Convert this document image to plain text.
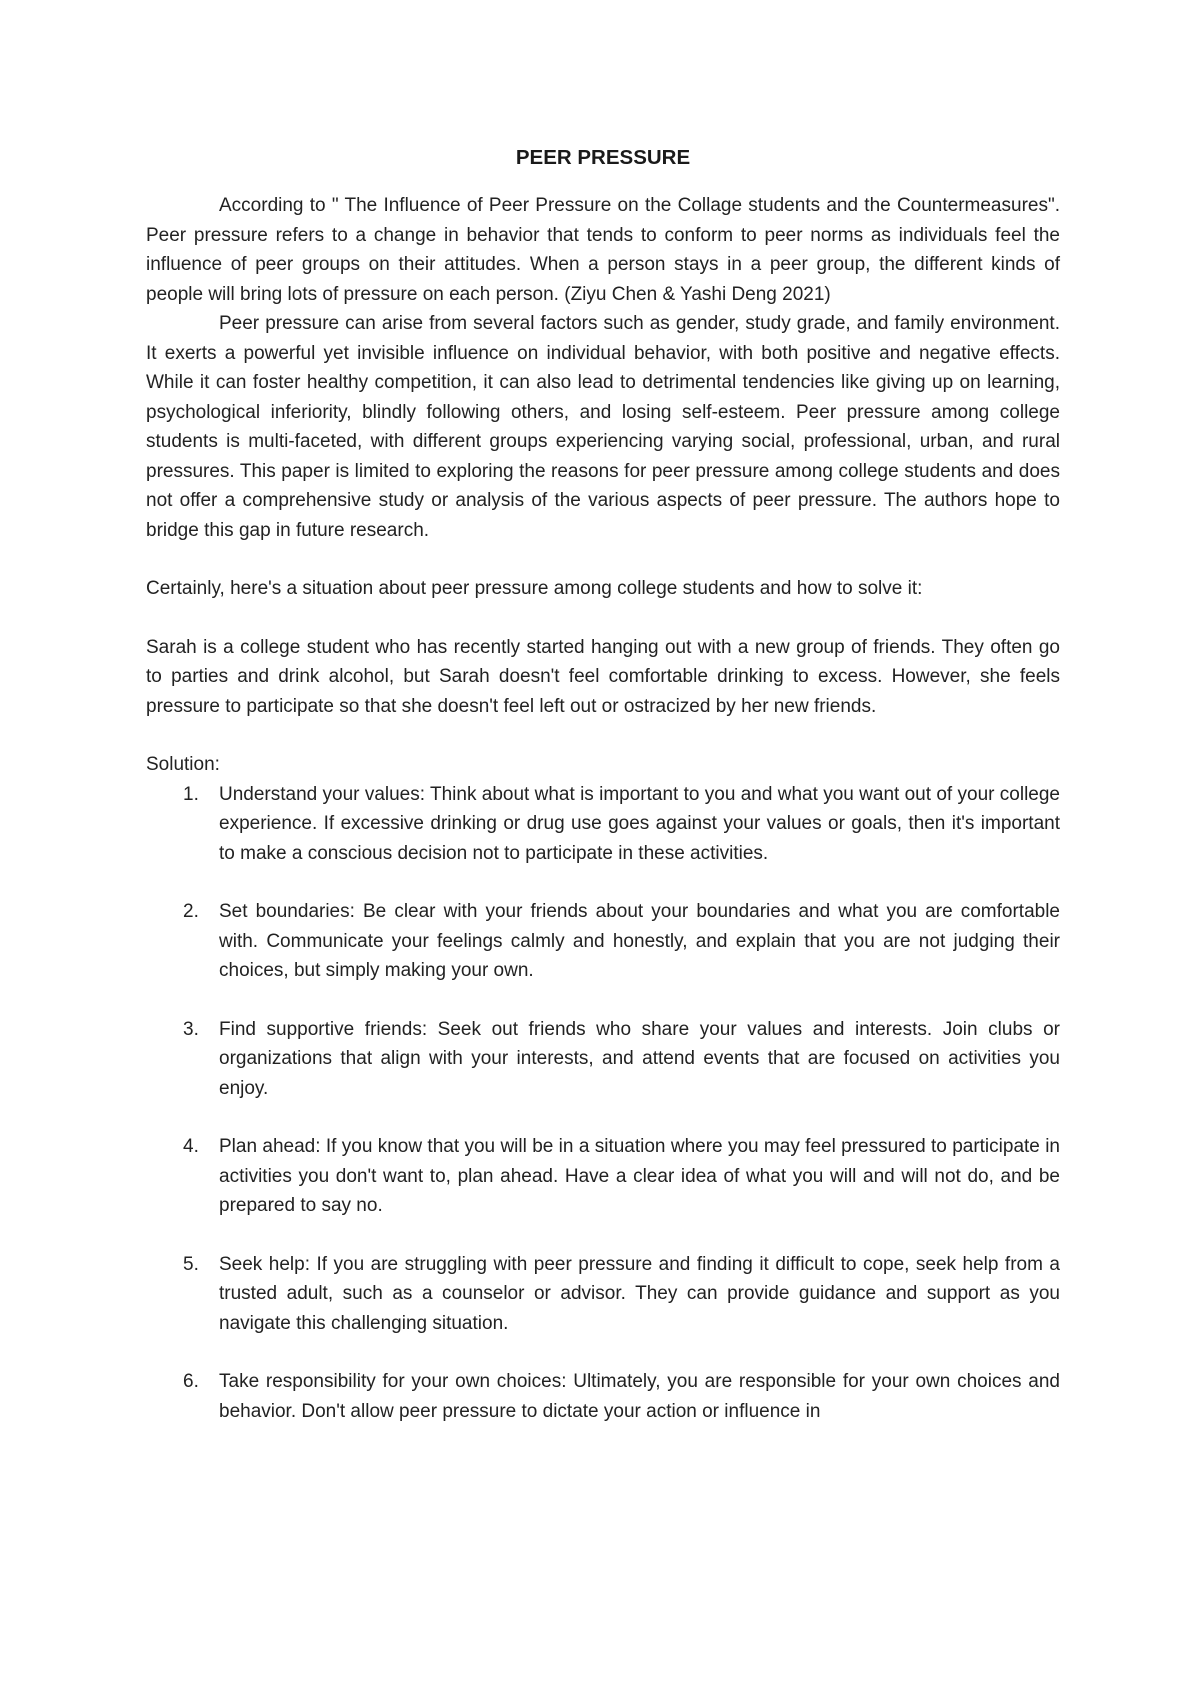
PEER PRESSURE

According to " The Influence of Peer Pressure on the Collage students and the Countermeasures". Peer pressure refers to a change in behavior that tends to conform to peer norms as individuals feel the influence of peer groups on their attitudes. When a person stays in a peer group, the different kinds of people will bring lots of pressure on each person. (Ziyu Chen & Yashi Deng 2021)

Peer pressure can arise from several factors such as gender, study grade, and family environment. It exerts a powerful yet invisible influence on individual behavior, with both positive and negative effects. While it can foster healthy competition, it can also lead to detrimental tendencies like giving up on learning, psychological inferiority, blindly following others, and losing self-esteem. Peer pressure among college students is multi-faceted, with different groups experiencing varying social, professional, urban, and rural pressures. This paper is limited to exploring the reasons for peer pressure among college students and does not offer a comprehensive study or analysis of the various aspects of peer pressure. The authors hope to bridge this gap in future research.

Certainly, here's a situation about peer pressure among college students and how to solve it:

Sarah is a college student who has recently started hanging out with a new group of friends. They often go to parties and drink alcohol, but Sarah doesn't feel comfortable drinking to excess. However, she feels pressure to participate so that she doesn't feel left out or ostracized by her new friends.

Solution:

1. Understand your values: Think about what is important to you and what you want out of your college experience. If excessive drinking or drug use goes against your values or goals, then it's important to make a conscious decision not to participate in these activities.
2. Set boundaries: Be clear with your friends about your boundaries and what you are comfortable with. Communicate your feelings calmly and honestly, and explain that you are not judging their choices, but simply making your own.
3. Find supportive friends: Seek out friends who share your values and interests. Join clubs or organizations that align with your interests, and attend events that are focused on activities you enjoy.
4. Plan ahead: If you know that you will be in a situation where you may feel pressured to participate in activities you don't want to, plan ahead. Have a clear idea of what you will and will not do, and be prepared to say no.
5. Seek help: If you are struggling with peer pressure and finding it difficult to cope, seek help from a trusted adult, such as a counselor or advisor. They can provide guidance and support as you navigate this challenging situation.
6. Take responsibility for your own choices: Ultimately, you are responsible for your own choices and behavior. Don't allow peer pressure to dictate your action or influence in
